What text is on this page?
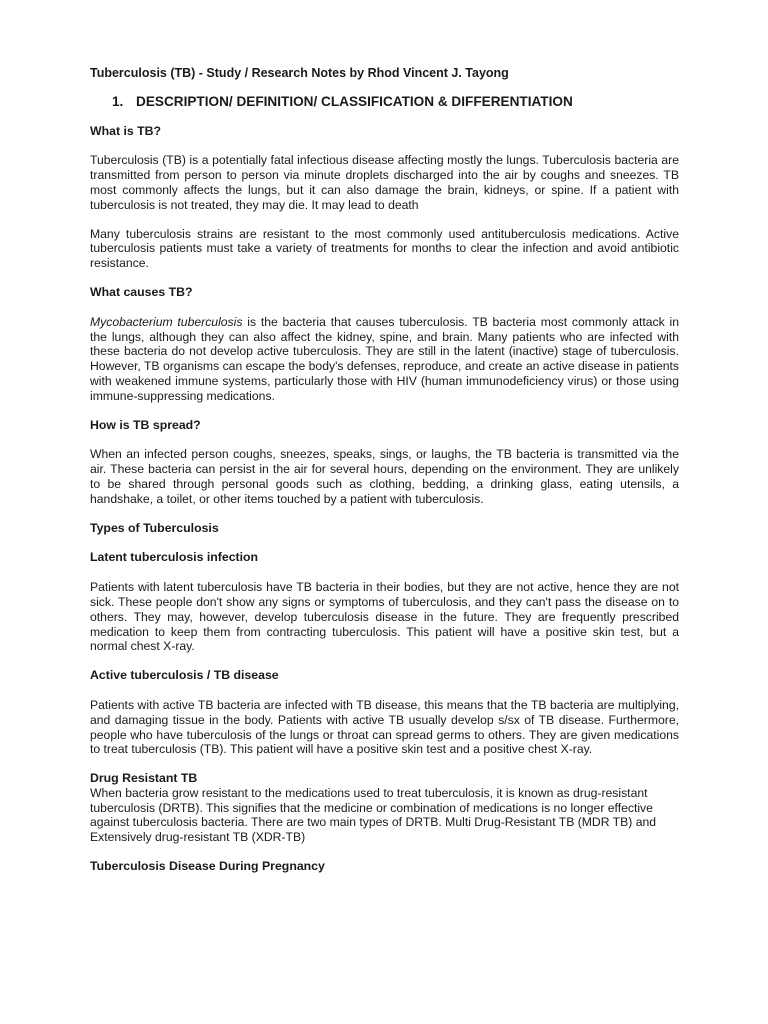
Tuberculosis (TB) - Study / Research Notes by Rhod Vincent J. Tayong
1. DESCRIPTION/ DEFINITION/ CLASSIFICATION & DIFFERENTIATION
What is TB?

Tuberculosis (TB) is a potentially fatal infectious disease affecting mostly the lungs. Tuberculosis bacteria are transmitted from person to person via minute droplets discharged into the air by coughs and sneezes. TB most commonly affects the lungs, but it can also damage the brain, kidneys, or spine. If a patient with tuberculosis is not treated, they may die. It may lead to death

Many tuberculosis strains are resistant to the most commonly used antituberculosis medications. Active tuberculosis patients must take a variety of treatments for months to clear the infection and avoid antibiotic resistance.

What causes TB?

Mycobacterium tuberculosis is the bacteria that causes tuberculosis. TB bacteria most commonly attack in the lungs, although they can also affect the kidney, spine, and brain. Many patients who are infected with these bacteria do not develop active tuberculosis. They are still in the latent (inactive) stage of tuberculosis. However, TB organisms can escape the body's defenses, reproduce, and create an active disease in patients with weakened immune systems, particularly those with HIV (human immunodeficiency virus) or those using immune-suppressing medications.

How is TB spread?

When an infected person coughs, sneezes, speaks, sings, or laughs, the TB bacteria is transmitted via the air. These bacteria can persist in the air for several hours, depending on the environment. They are unlikely to be shared through personal goods such as clothing, bedding, a drinking glass, eating utensils, a handshake, a toilet, or other items touched by a patient with tuberculosis.

Types of Tuberculosis
Latent tuberculosis infection

Patients with latent tuberculosis have TB bacteria in their bodies, but they are not active, hence they are not sick. These people don't show any signs or symptoms of tuberculosis, and they can't pass the disease on to others. They may, however, develop tuberculosis disease in the future. They are frequently prescribed medication to keep them from contracting tuberculosis. This patient will have a positive skin test, but a normal chest X-ray.

Active tuberculosis / TB disease

Patients with active TB bacteria are infected with TB disease, this means that the TB bacteria are multiplying, and damaging tissue in the body. Patients with active TB usually develop s/sx of TB disease. Furthermore, people who have tuberculosis of the lungs or throat can spread germs to others. They are given medications to treat tuberculosis (TB). This patient will have a positive skin test and a positive chest X-ray.

Drug Resistant TB

When bacteria grow resistant to the medications used to treat tuberculosis, it is known as drug-resistant tuberculosis (DRTB). This signifies that the medicine or combination of medications is no longer effective against tuberculosis bacteria. There are two main types of DRTB. Multi Drug-Resistant TB (MDR TB) and Extensively drug-resistant TB (XDR-TB)

Tuberculosis Disease During Pregnancy
